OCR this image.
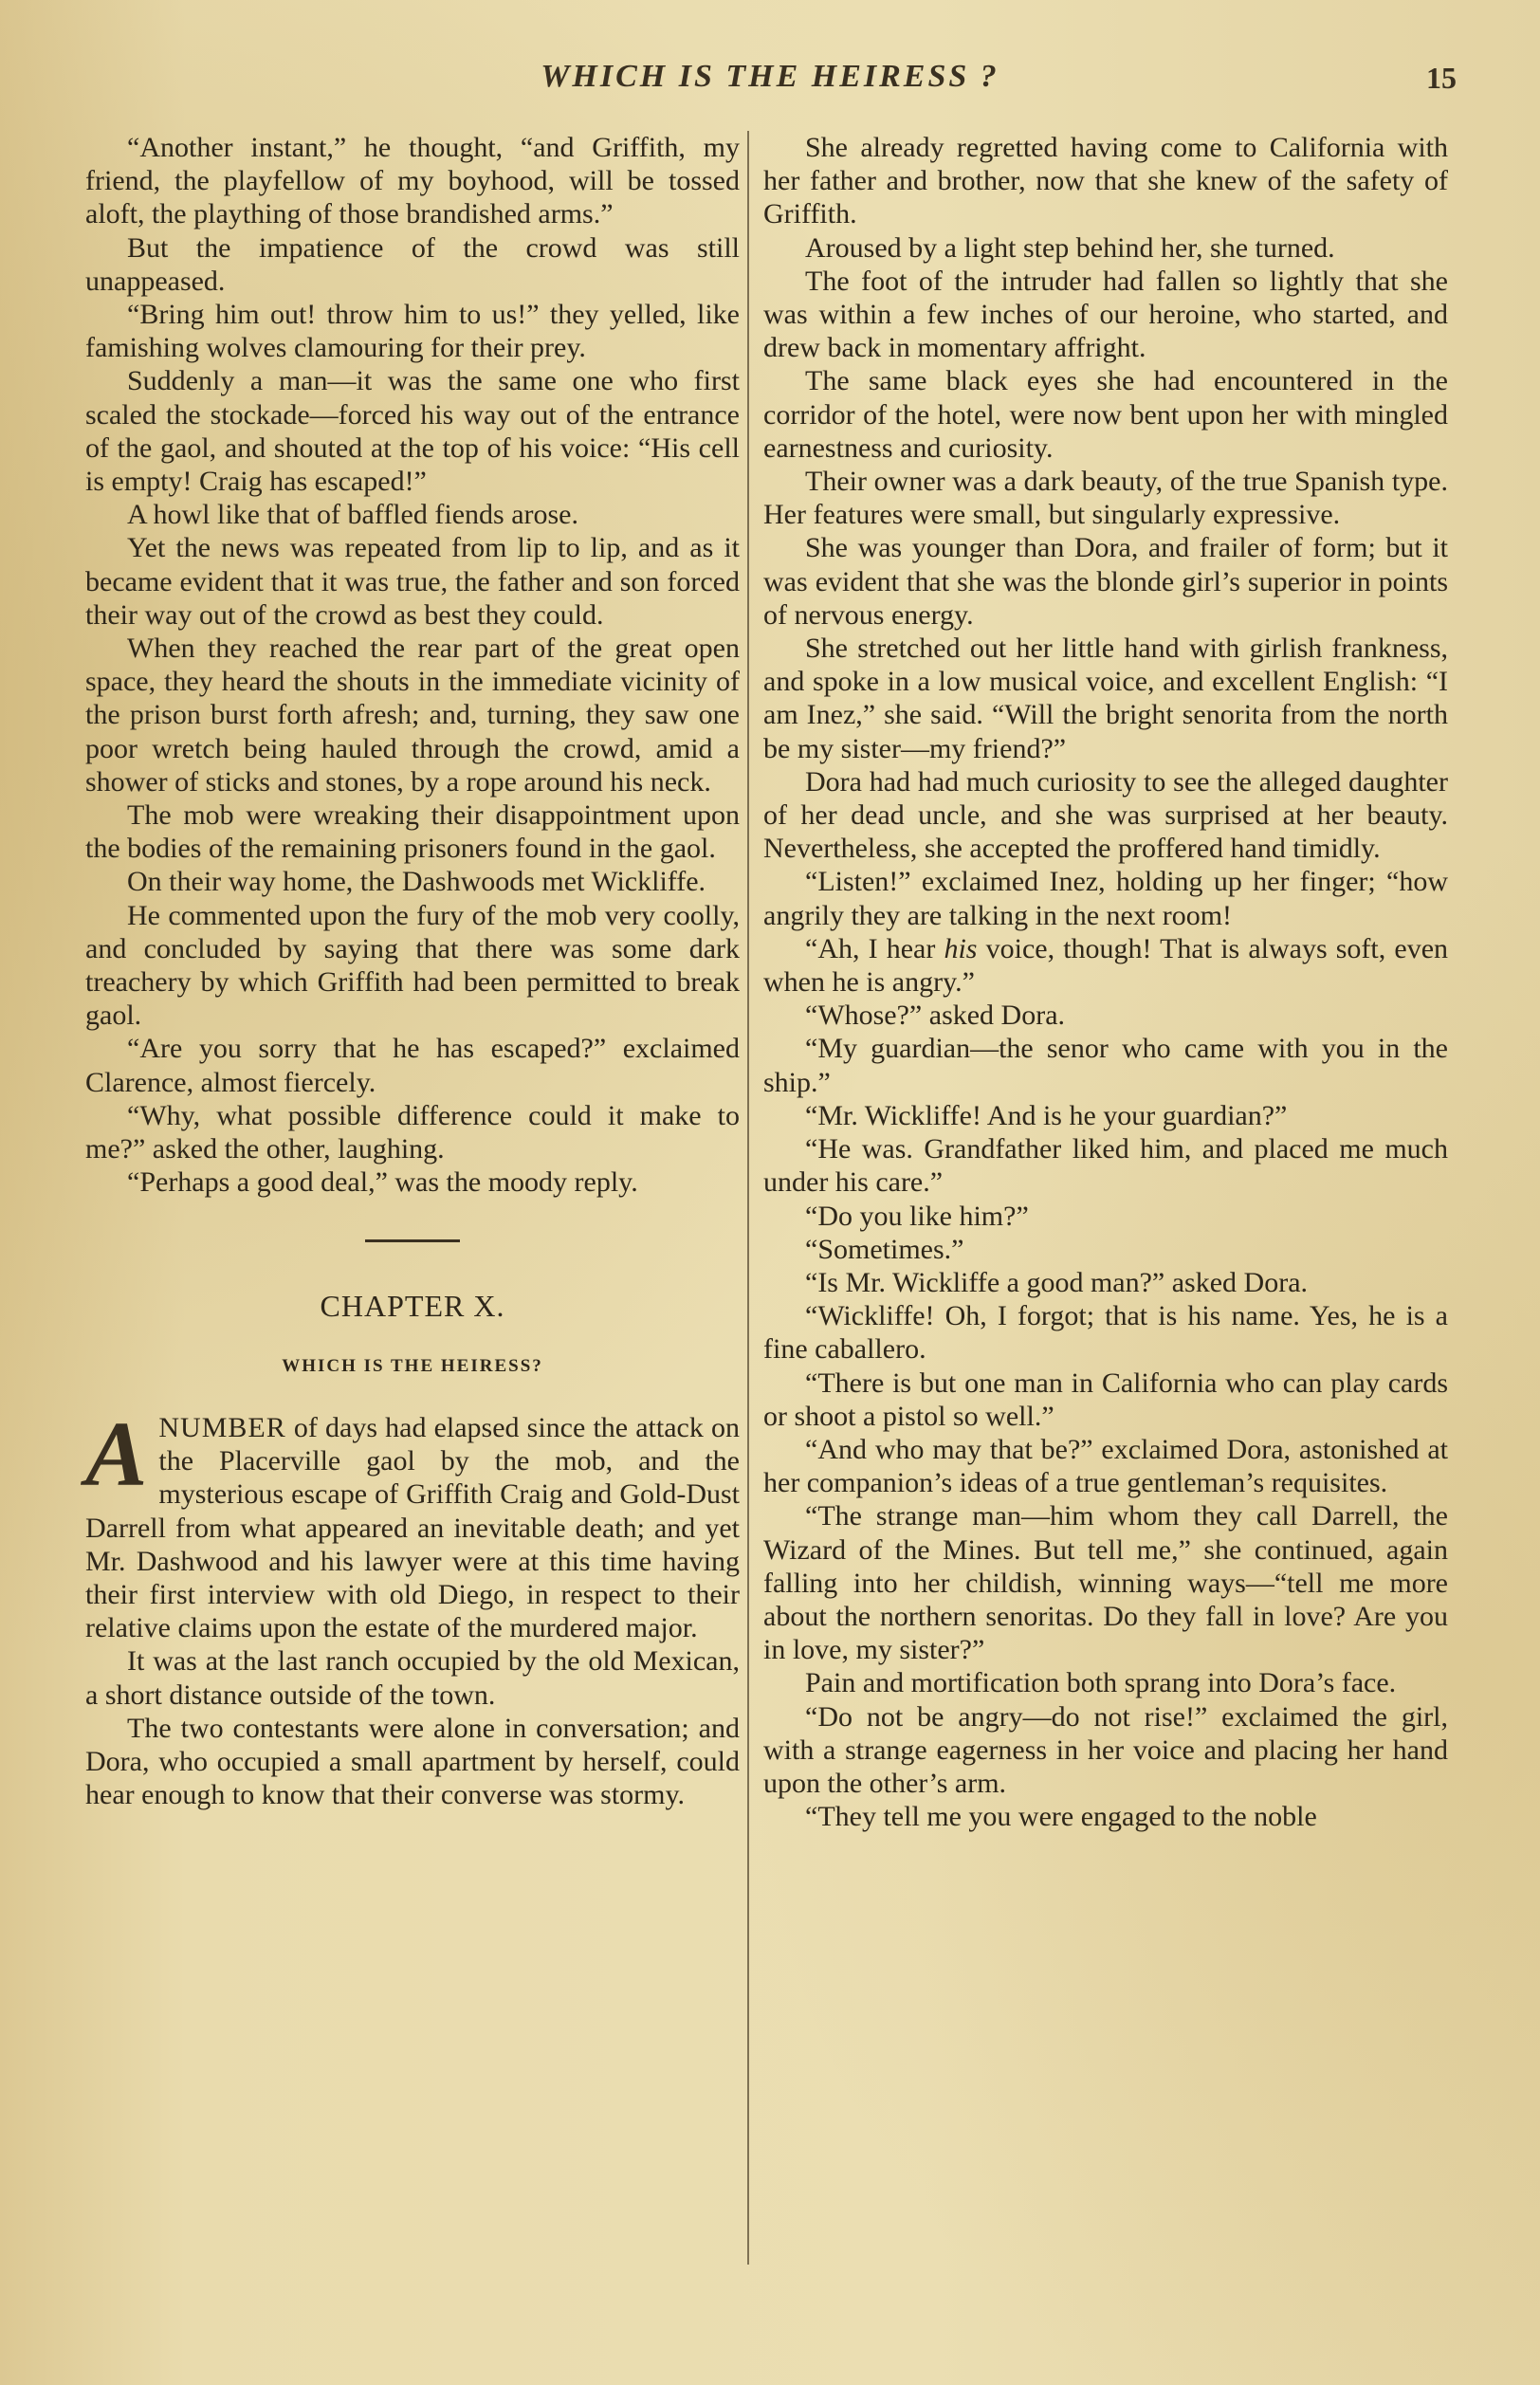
WHICH IS THE HEIRESS ?	15

“Another instant,” he thought, “and Griffith, my friend, the playfellow of my boyhood, will be tossed aloft, the plaything of those brandished arms.”

But the impatience of the crowd was still unappeased.

“Bring him out! throw him to us!” they yelled, like famishing wolves clamouring for their prey.

Suddenly a man—it was the same one who first scaled the stockade—forced his way out of the entrance of the gaol, and shouted at the top of his voice: “His cell is empty! Craig has escaped!”

A howl like that of baffled fiends arose.

Yet the news was repeated from lip to lip, and as it became evident that it was true, the father and son forced their way out of the crowd as best they could.

When they reached the rear part of the great open space, they heard the shouts in the immediate vicinity of the prison burst forth afresh; and, turning, they saw one poor wretch being hauled through the crowd, amid a shower of sticks and stones, by a rope around his neck.

The mob were wreaking their disappointment upon the bodies of the remaining prisoners found in the gaol.

On their way home, the Dashwoods met Wickliffe.

He commented upon the fury of the mob very coolly, and concluded by saying that there was some dark treachery by which Griffith had been permitted to break gaol.

“Are you sorry that he has escaped?” exclaimed Clarence, almost fiercely.

“Why, what possible difference could it make to me?” asked the other, laughing.

“Perhaps a good deal,” was the moody reply.

CHAPTER X.
WHICH IS THE HEIRESS?

ANUMBER of days had elapsed since the attack on the Placerville gaol by the mob, and the mysterious escape of Griffith Craig and Gold-Dust Darrell from what appeared an inevitable death; and yet Mr. Dashwood and his lawyer were at this time having their first interview with old Diego, in respect to their relative claims upon the estate of the murdered major.

It was at the last ranch occupied by the old Mexican, a short distance outside of the town.

The two contestants were alone in conversation; and Dora, who occupied a small apartment by herself, could hear enough to know that their converse was stormy.

She already regretted having come to California with her father and brother, now that she knew of the safety of Griffith.

Aroused by a light step behind her, she turned.

The foot of the intruder had fallen so lightly that she was within a few inches of our heroine, who started, and drew back in momentary affright.

The same black eyes she had encountered in the corridor of the hotel, were now bent upon her with mingled earnestness and curiosity.

Their owner was a dark beauty, of the true Spanish type. Her features were small, but singularly expressive.

She was younger than Dora, and frailer of form; but it was evident that she was the blonde girl’s superior in points of nervous energy.

She stretched out her little hand with girlish frankness, and spoke in a low musical voice, and excellent English: “I am Inez,” she said. “Will the bright senorita from the north be my sister—my friend?”

Dora had had much curiosity to see the alleged daughter of her dead uncle, and she was surprised at her beauty. Nevertheless, she accepted the proffered hand timidly.

“Listen!” exclaimed Inez, holding up her finger; “how angrily they are talking in the next room!

“Ah, I hear his voice, though! That is always soft, even when he is angry.”

“Whose?” asked Dora.

“My guardian—the senor who came with you in the ship.”

“Mr. Wickliffe! And is he your guardian?”

“He was. Grandfather liked him, and placed me much under his care.”

“Do you like him?”

“Sometimes.”

“Is Mr. Wickliffe a good man?” asked Dora.

“Wickliffe! Oh, I forgot; that is his name. Yes, he is a fine caballero.

“There is but one man in California who can play cards or shoot a pistol so well.”

“And who may that be?” exclaimed Dora, astonished at her companion’s ideas of a true gentleman’s requisites.

“The strange man—him whom they call Darrell, the Wizard of the Mines. But tell me,” she continued, again falling into her childish, winning ways—“tell me more about the northern senoritas. Do they fall in love? Are you in love, my sister?”

Pain and mortification both sprang into Dora’s face.

“Do not be angry—do not rise!” exclaimed the girl, with a strange eagerness in her voice and placing her hand upon the other’s arm.

“They tell me you were engaged to the noble
